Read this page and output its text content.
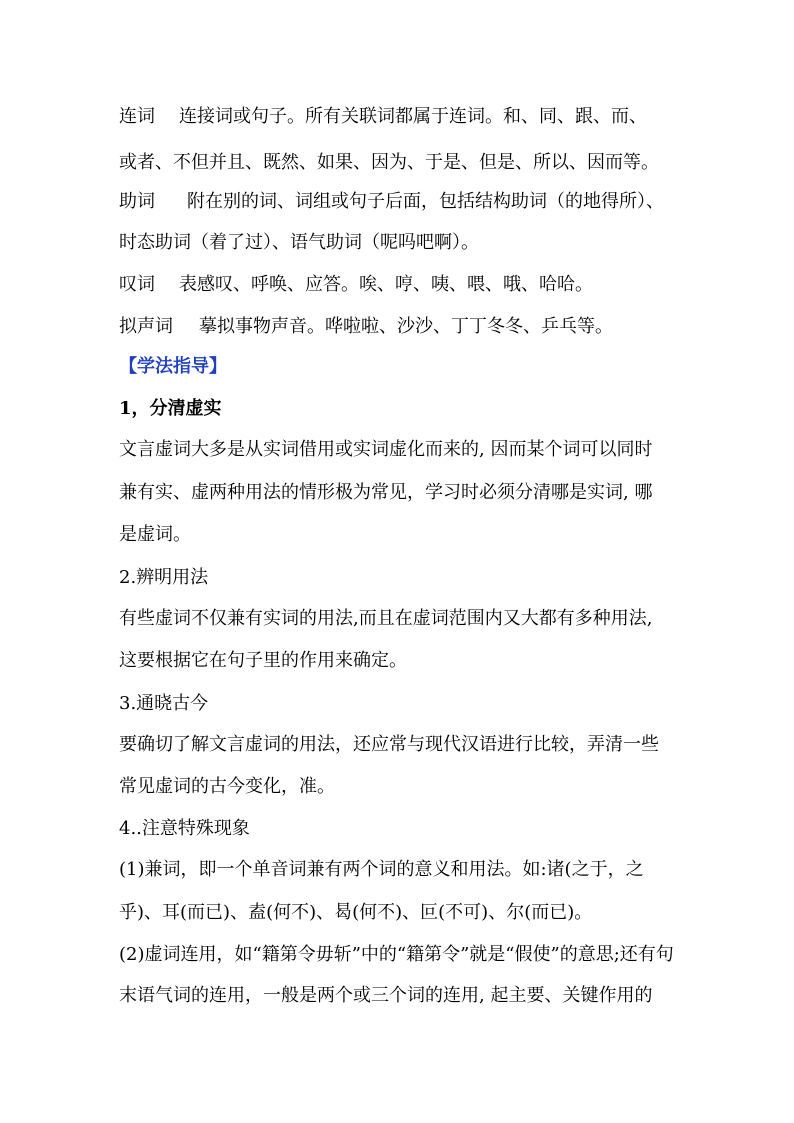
连词 连接词或句子。所有关联词都属于连词。和、同、跟、而、
或者、不但并且、既然、如果、因为、于是、但是、所以、因而等。
助词 附在别的词、词组或句子后面，包括结构助词（的地得所）、
时态助词（着了过）、语气助词（呢吗吧啊）。
叹词 表感叹、呼唤、应答。唉、哼、咦、喂、哦、哈哈。
拟声词 摹拟事物声音。哗啦啦、沙沙、丁丁冬冬、乒乓等。
【学法指导】
1，分清虚实
文言虚词大多是从实词借用或实词虚化而来的, 因而某个词可以同时
兼有实、虚两种用法的情形极为常见，学习时必须分清哪是实词, 哪
是虚词。
2.辨明用法
有些虚词不仅兼有实词的用法,而且在虚词范围内又大都有多种用法,
这要根据它在句子里的作用来确定。
3.通晓古今
要确切了解文言虚词的用法，还应常与现代汉语进行比较，弄清一些
常见虚词的古今变化，准。
4..注意特殊现象
(1)兼词，即一个单音词兼有两个词的意义和用法。如:诸(之于，之
乎)、耳(而已)、盍(何不)、曷(何不)、叵(不可)、尔(而已)。
(2)虚词连用，如“籍第令毋斩”中的“籍第令”就是“假使”的意思;还有句
末语气词的连用，一般是两个或三个词的连用, 起主要、关键作用的
